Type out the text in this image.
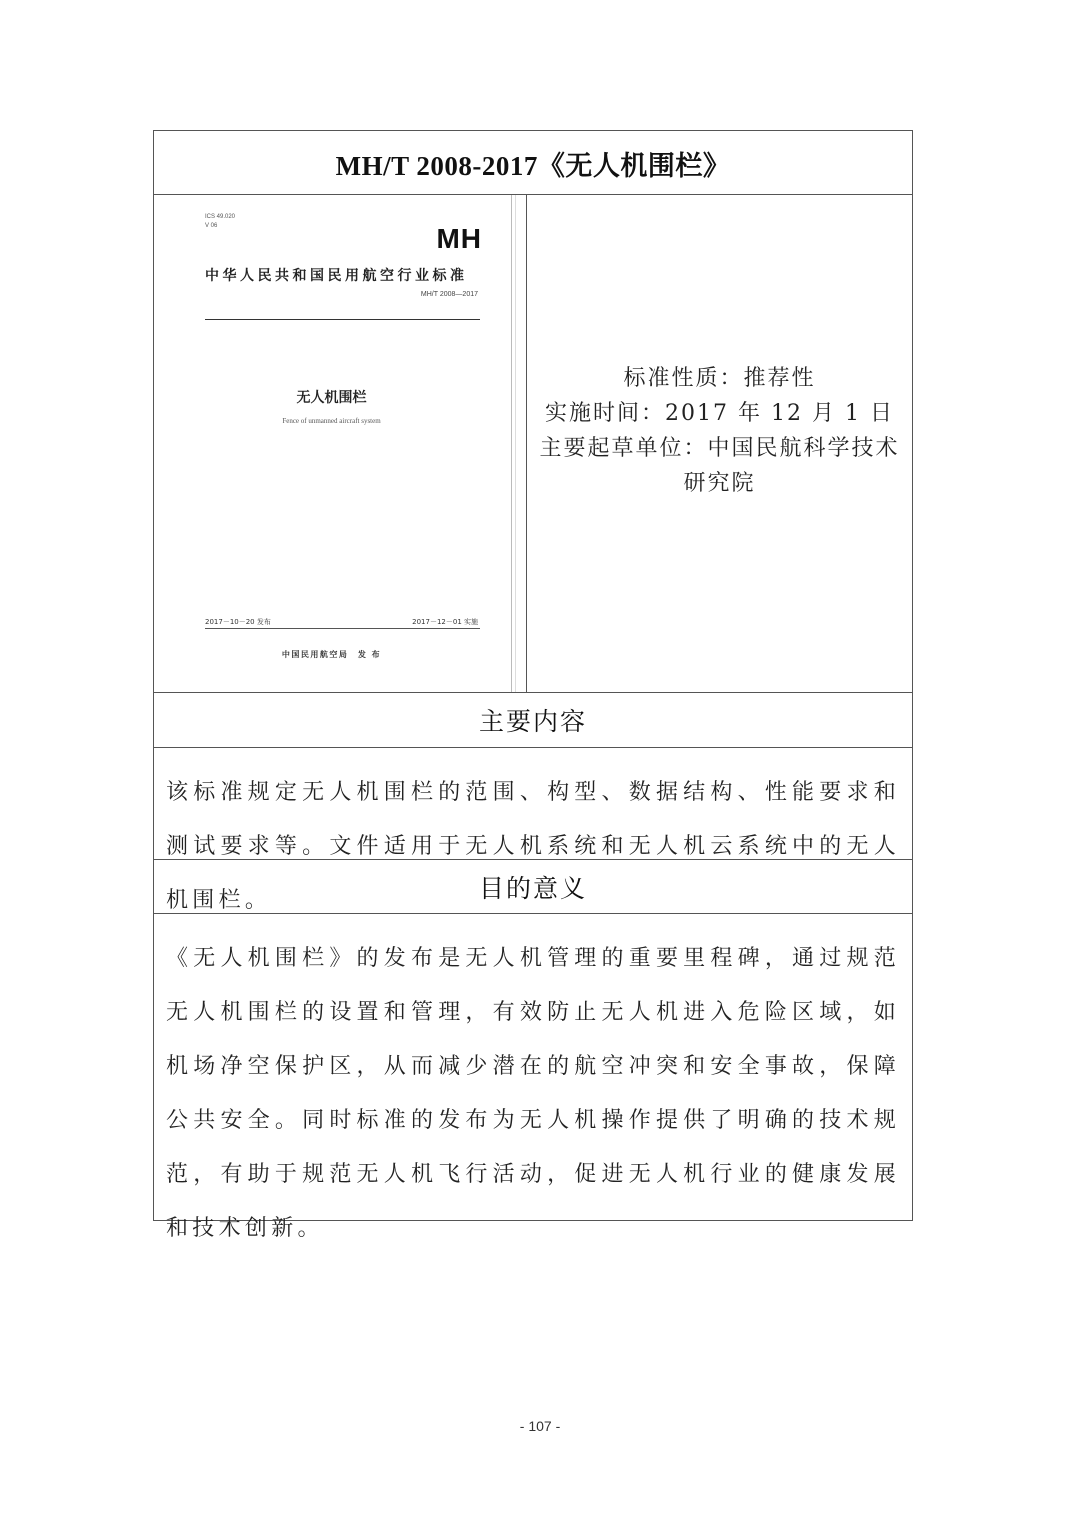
MH/T 2008-2017《无人机围栏》
ICS 49.020
V 06	MH
中华人民共和国民用航空行业标准
MH/T 2008—2017
无人机围栏
Fence of unmanned aircraft system
2017－10－20 发布	2017－12－01 实施
中国民用航空局　发 布
标准性质：推荐性
实施时间：2017 年 12 月 1 日
主要起草单位：中国民航科学技术研究院
主要内容

该标准规定无人机围栏的范围、构型、数据结构、性能要求和测试要求等。文件适用于无人机系统和无人机云系统中的无人机围栏。	目的意义

《无人机围栏》的发布是无人机管理的重要里程碑，通过规范无人机围栏的设置和管理，有效防止无人机进入危险区域，如机场净空保护区，从而减少潜在的航空冲突和安全事故，保障公共安全。同时标准的发布为无人机操作提供了明确的技术规范，有助于规范无人机飞行活动，促进无人机行业的健康发展和技术创新。

- 107 -
